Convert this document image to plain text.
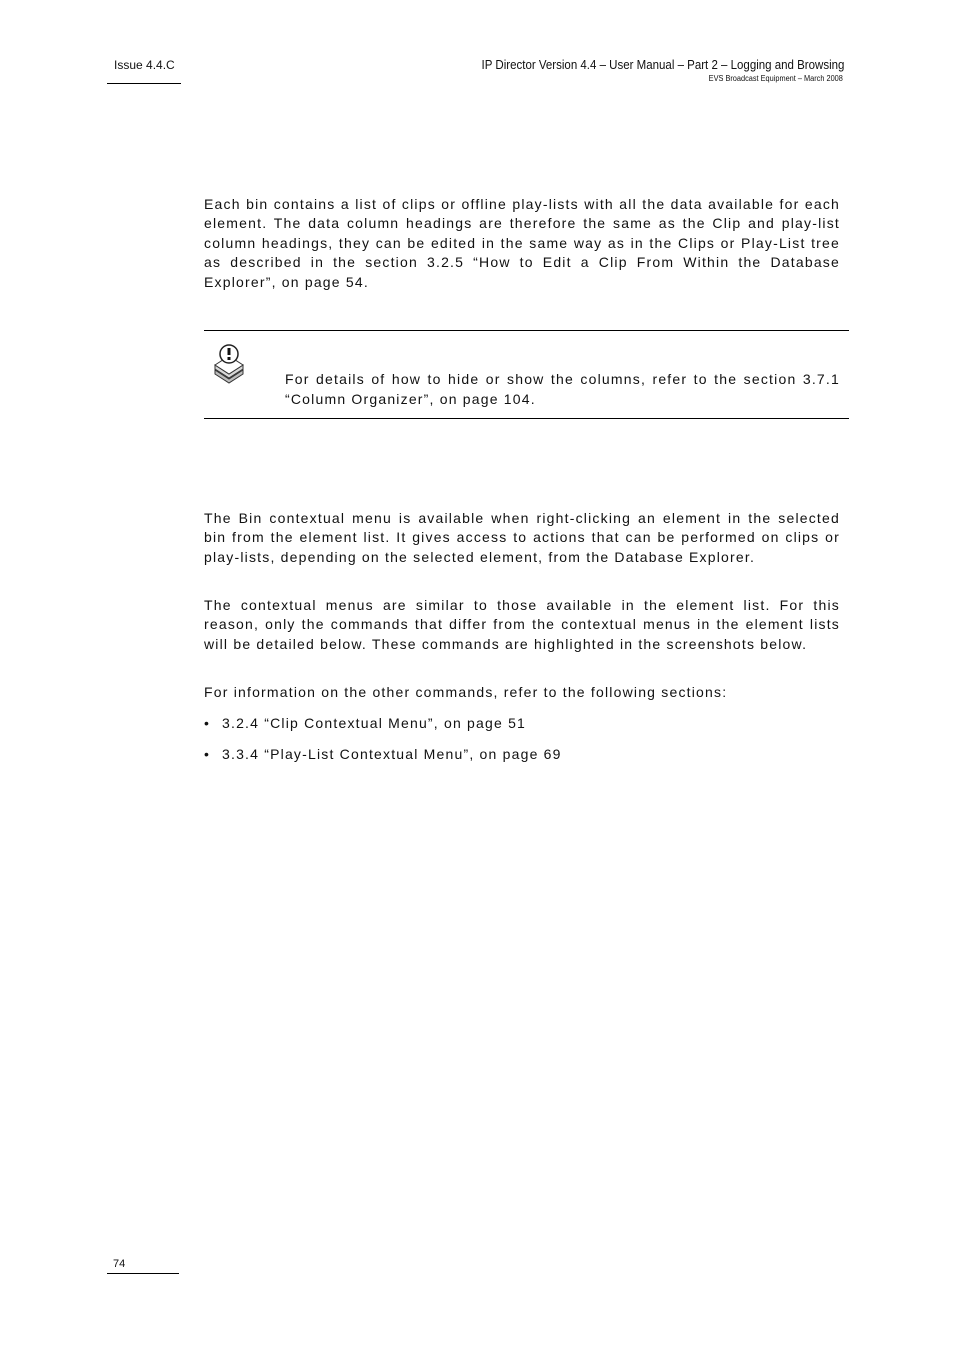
Issue 4.4.C	IP Director Version 4.4 – User Manual – Part 2 – Logging and Browsing
EVS Broadcast Equipment – March 2008

Each bin contains a list of clips or offline play-lists with all the data available for each element. The data column headings are therefore the same as the Clip and play-list column headings, they can be edited in the same way as in the Clips or Play-List tree as described in the section 3.2.5 “How to Edit a Clip From Within the Database Explorer”, on page 54.

For details of how to hide or show the columns, refer to the section 3.7.1 “Column Organizer”, on page 104.

The Bin contextual menu is available when right-clicking an element in the selected bin from the element list. It gives access to actions that can be performed on clips or play-lists, depending on the selected element, from the Database Explorer.

The contextual menus are similar to those available in the element list. For this reason, only the commands that differ from the contextual menus in the element lists will be detailed below. These commands are highlighted in the screenshots below.

For information on the other commands, refer to the following sections:

• 3.2.4 “Clip Contextual Menu”, on page 51
• 3.3.4 “Play-List Contextual Menu”, on page 69
74
